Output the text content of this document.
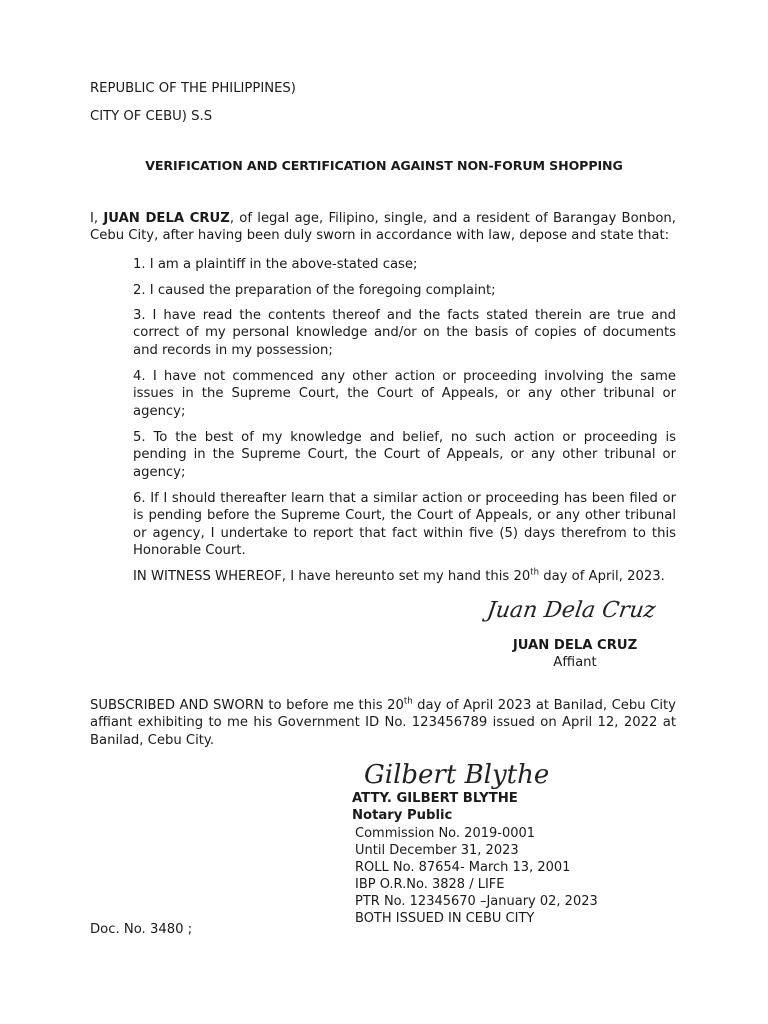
REPUBLIC OF THE PHILIPPINES)
CITY OF CEBU) S.S
VERIFICATION AND CERTIFICATION AGAINST NON-FORUM SHOPPING
I, JUAN DELA CRUZ, of legal age, Filipino, single, and a resident of Barangay Bonbon, Cebu City, after having been duly sworn in accordance with law, depose and state that:
1. I am a plaintiff in the above-stated case;
2. I caused the preparation of the foregoing complaint;
3. I have read the contents thereof and the facts stated therein are true and correct of my personal knowledge and/or on the basis of copies of documents and records in my possession;
4. I have not commenced any other action or proceeding involving the same issues in the Supreme Court, the Court of Appeals, or any other tribunal or agency;
5. To the best of my knowledge and belief, no such action or proceeding is pending in the Supreme Court, the Court of Appeals, or any other tribunal or agency;
6. If I should thereafter learn that a similar action or proceeding has been filed or is pending before the Supreme Court, the Court of Appeals, or any other tribunal or agency, I undertake to report that fact within five (5) days therefrom to this Honorable Court.
IN WITNESS WHEREOF, I have hereunto set my hand this 20th day of April, 2023.
Juan Dela Cruz
JUAN DELA CRUZ
Affiant
SUBSCRIBED AND SWORN to before me this 20th day of April 2023 at Banilad, Cebu City affiant exhibiting to me his Government ID No. 123456789 issued on April 12, 2022 at Banilad, Cebu City.
Gilbert Blythe
ATTY. GILBERT BLYTHE
Notary Public
Commission No. 2019-0001
Until December 31, 2023
ROLL No. 87654- March 13, 2001
IBP O.R.No. 3828 / LIFE
PTR No. 12345670 –January 02, 2023
BOTH ISSUED IN CEBU CITY
Doc. No. 3480 ;
